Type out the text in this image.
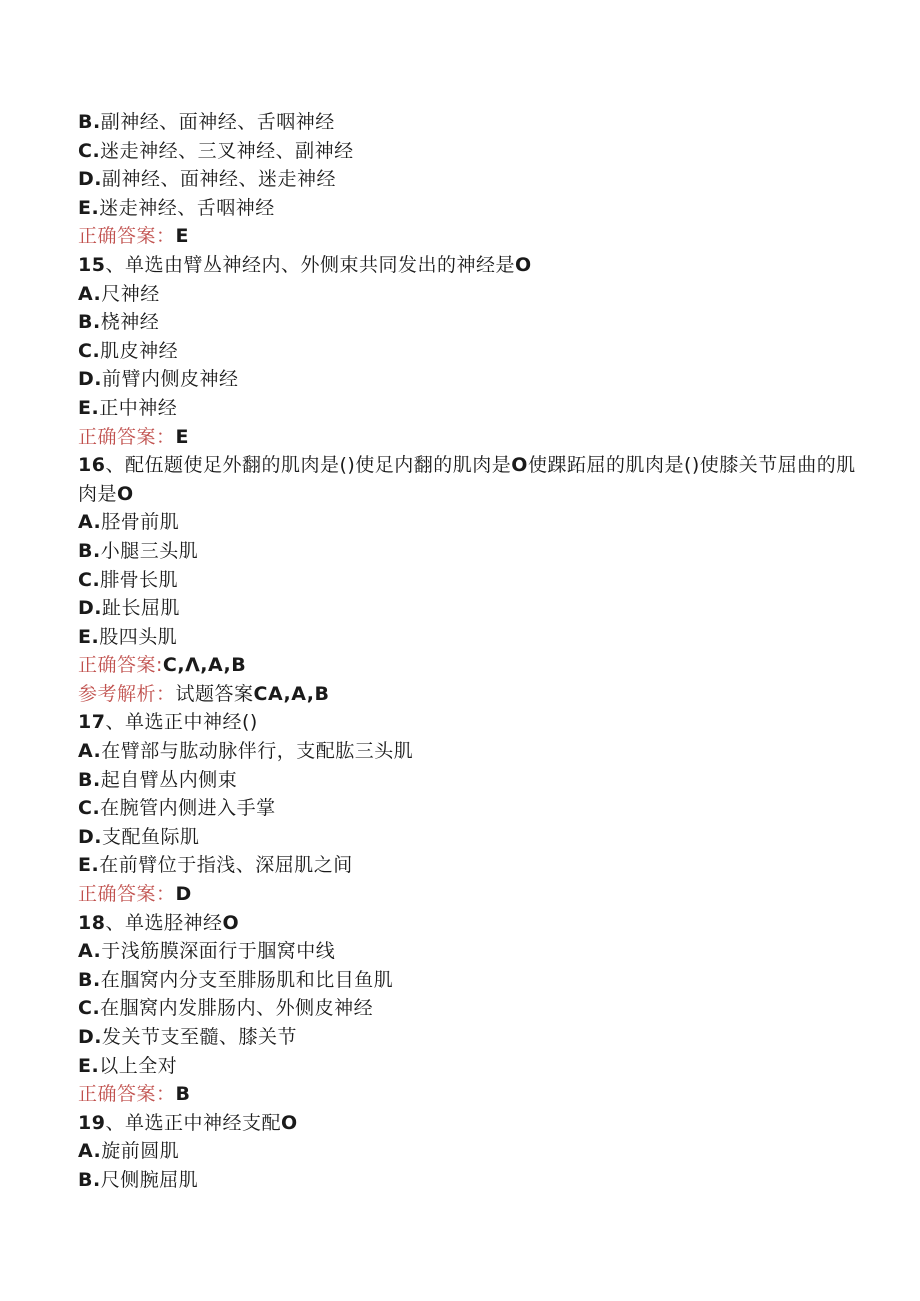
B.副神经、面神经、舌咽神经
C.迷走神经、三叉神经、副神经
D.副神经、面神经、迷走神经
E.迷走神经、舌咽神经
正确答案：E
15、单选由臂丛神经内、外侧束共同发出的神经是O
A.尺神经
B.桡神经
C.肌皮神经
D.前臂内侧皮神经
E.正中神经
正确答案：E
16、配伍题使足外翻的肌肉是()使足内翻的肌肉是O使踝跖屈的肌肉是()使膝关节屈曲的肌肉是O
A.胫骨前肌
B.小腿三头肌
C.腓骨长肌
D.趾长屈肌
E.股四头肌
正确答案:C,Λ,A,B
参考解析：试题答案CA,A,B
17、单选正中神经()
A.在臂部与肱动脉伴行，支配肱三头肌
B.起自臂丛内侧束
C.在腕管内侧进入手掌
D.支配鱼际肌
E.在前臂位于指浅、深屈肌之间
正确答案：D
18、单选胫神经O
A.于浅筋膜深面行于腘窝中线
B.在腘窝内分支至腓肠肌和比目鱼肌
C.在腘窝内发腓肠内、外侧皮神经
D.发关节支至髓、膝关节
E.以上全对
正确答案：B
19、单选正中神经支配O
A.旋前圆肌
B.尺侧腕屈肌
